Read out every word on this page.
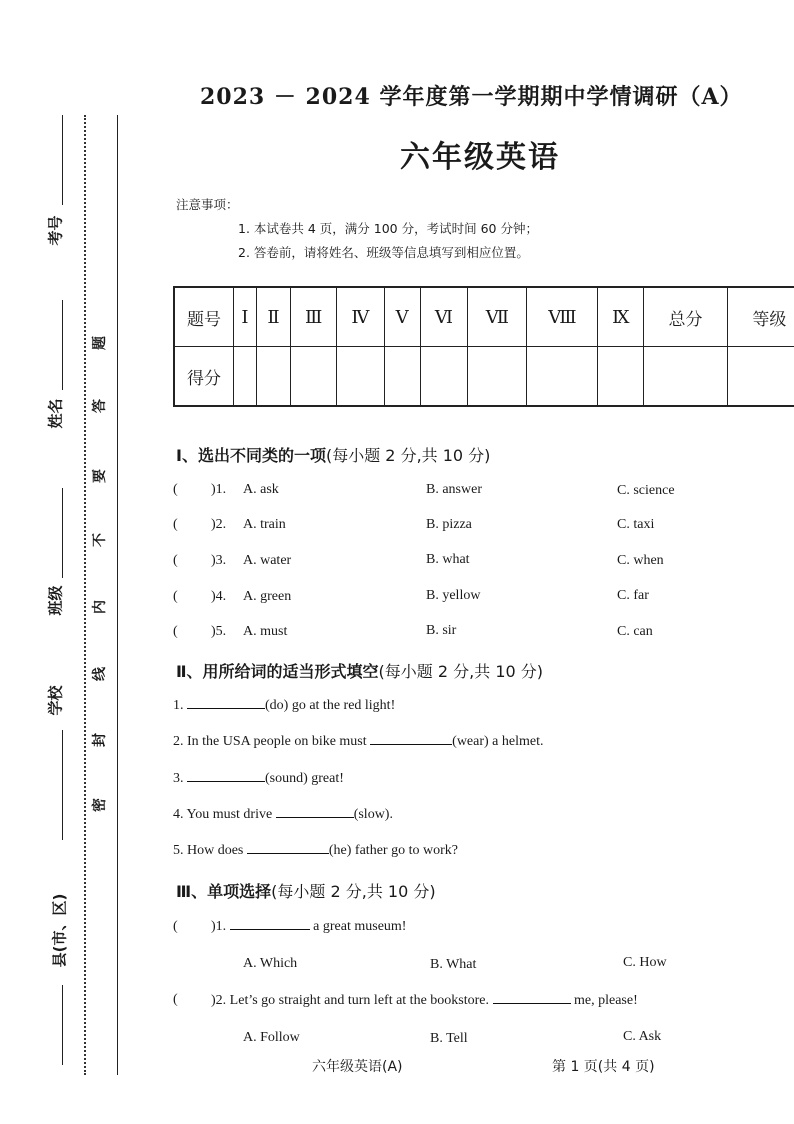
考号
姓名
班级
学校
县(市、区)
题
答
要
不
内
线
封
密
2023 － 2024 学年度第一学期期中学情调研（A）
六年级英语
注意事项：
1. 本试卷共 4 页，满分 100 分，考试时间 60 分钟；
2. 答卷前，请将姓名、班级等信息填写到相应位置。
题号	Ⅰ	Ⅱ	Ⅲ	Ⅳ	Ⅴ	Ⅵ	Ⅶ	Ⅷ	Ⅸ	总分	等级
得分											
Ⅰ、选出不同类的一项(每小题 2 分,共 10 分)
( )1. A. ask	B. answer	C. science
( )2. A. train	B. pizza	C. taxi
( )3. A. water	B. what	C. when
( )4. A. green	B. yellow	C. far
( )5. A. must	B. sir	C. can
Ⅱ、用所给词的适当形式填空(每小题 2 分,共 10 分)
1.	(do) go at the red light!
2. In the USA people on bike must	(wear) a helmet.
3.	(sound) great!
4. You must drive	(slow).
5. How does	(he) father go to work?
Ⅲ、单项选择(每小题 2 分,共 10 分)
( )1.	a great museum!
A. Which	B. What	C. How
( )2. Let’s go straight and turn left at the bookstore.	me, please!
A. Follow	B. Tell	C. Ask
六年级英语(A)	第 1 页(共 4 页)
